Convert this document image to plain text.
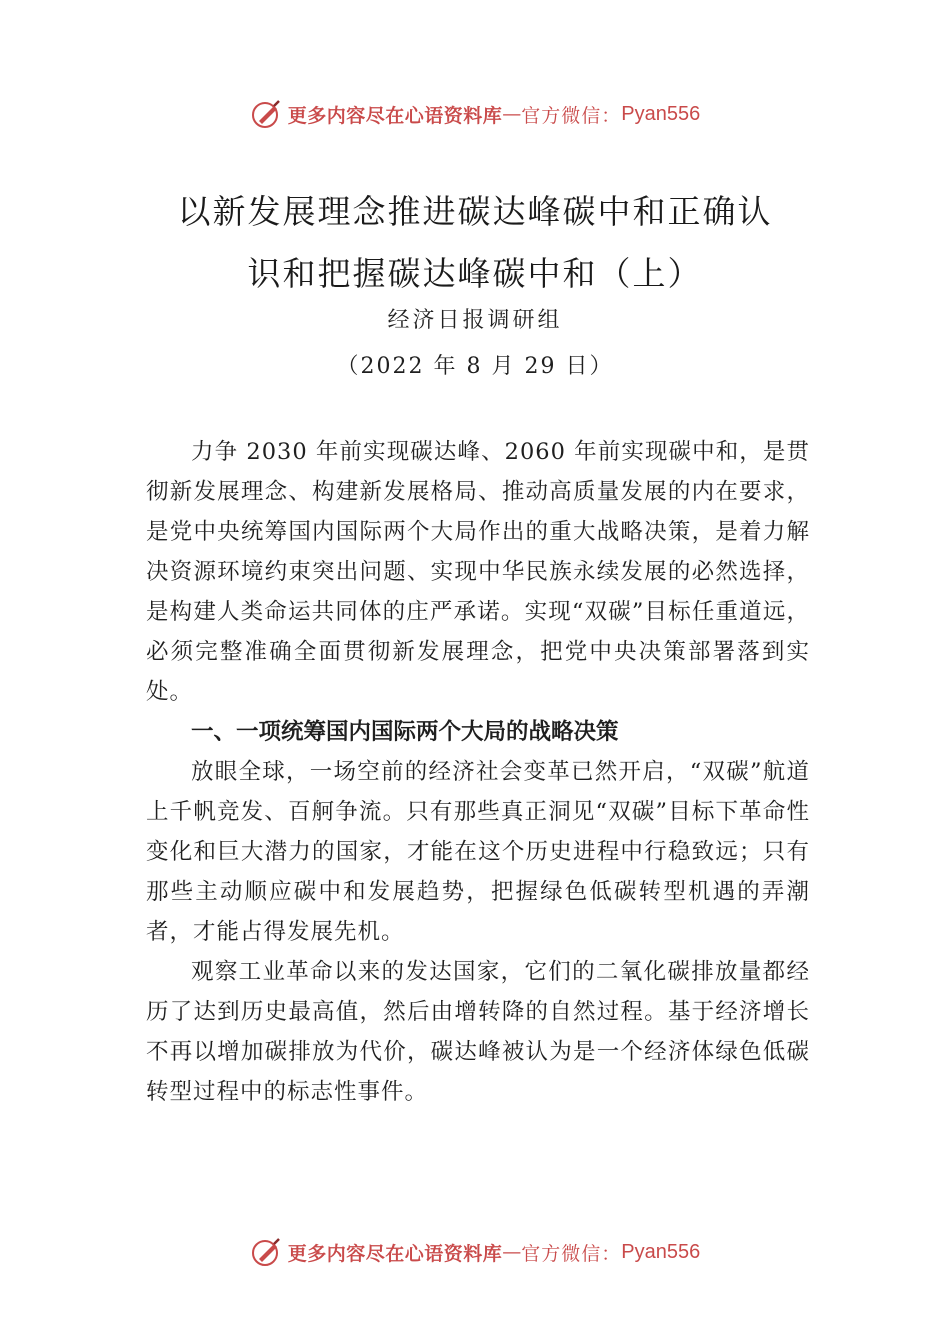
更多内容尽在心语资料库 — 官方微信： Pyan556
以新发展理念推进碳达峰碳中和正确认
识和把握碳达峰碳中和（上）
经济日报调研组
（2022 年 8 月 29 日）

力争 2030 年前实现碳达峰、2060 年前实现碳中和，是贯彻新发展理念、构建新发展格局、推动高质量发展的内在要求，是党中央统筹国内国际两个大局作出的重大战略决策，是着力解决资源环境约束突出问题、实现中华民族永续发展的必然选择，是构建人类命运共同体的庄严承诺。实现“双碳”目标任重道远，必须完整准确全面贯彻新发展理念，把党中央决策部署落到实处。

一、一项统筹国内国际两个大局的战略决策

放眼全球，一场空前的经济社会变革已然开启，“双碳”航道上千帆竞发、百舸争流。只有那些真正洞见“双碳”目标下革命性变化和巨大潜力的国家，才能在这个历史进程中行稳致远；只有那些主动顺应碳中和发展趋势，把握绿色低碳转型机遇的弄潮者，才能占得发展先机。

观察工业革命以来的发达国家，它们的二氧化碳排放量都经历了达到历史最高值，然后由增转降的自然过程。基于经济增长不再以增加碳排放为代价，碳达峰被认为是一个经济体绿色低碳转型过程中的标志性事件。

更多内容尽在心语资料库 — 官方微信： Pyan556
